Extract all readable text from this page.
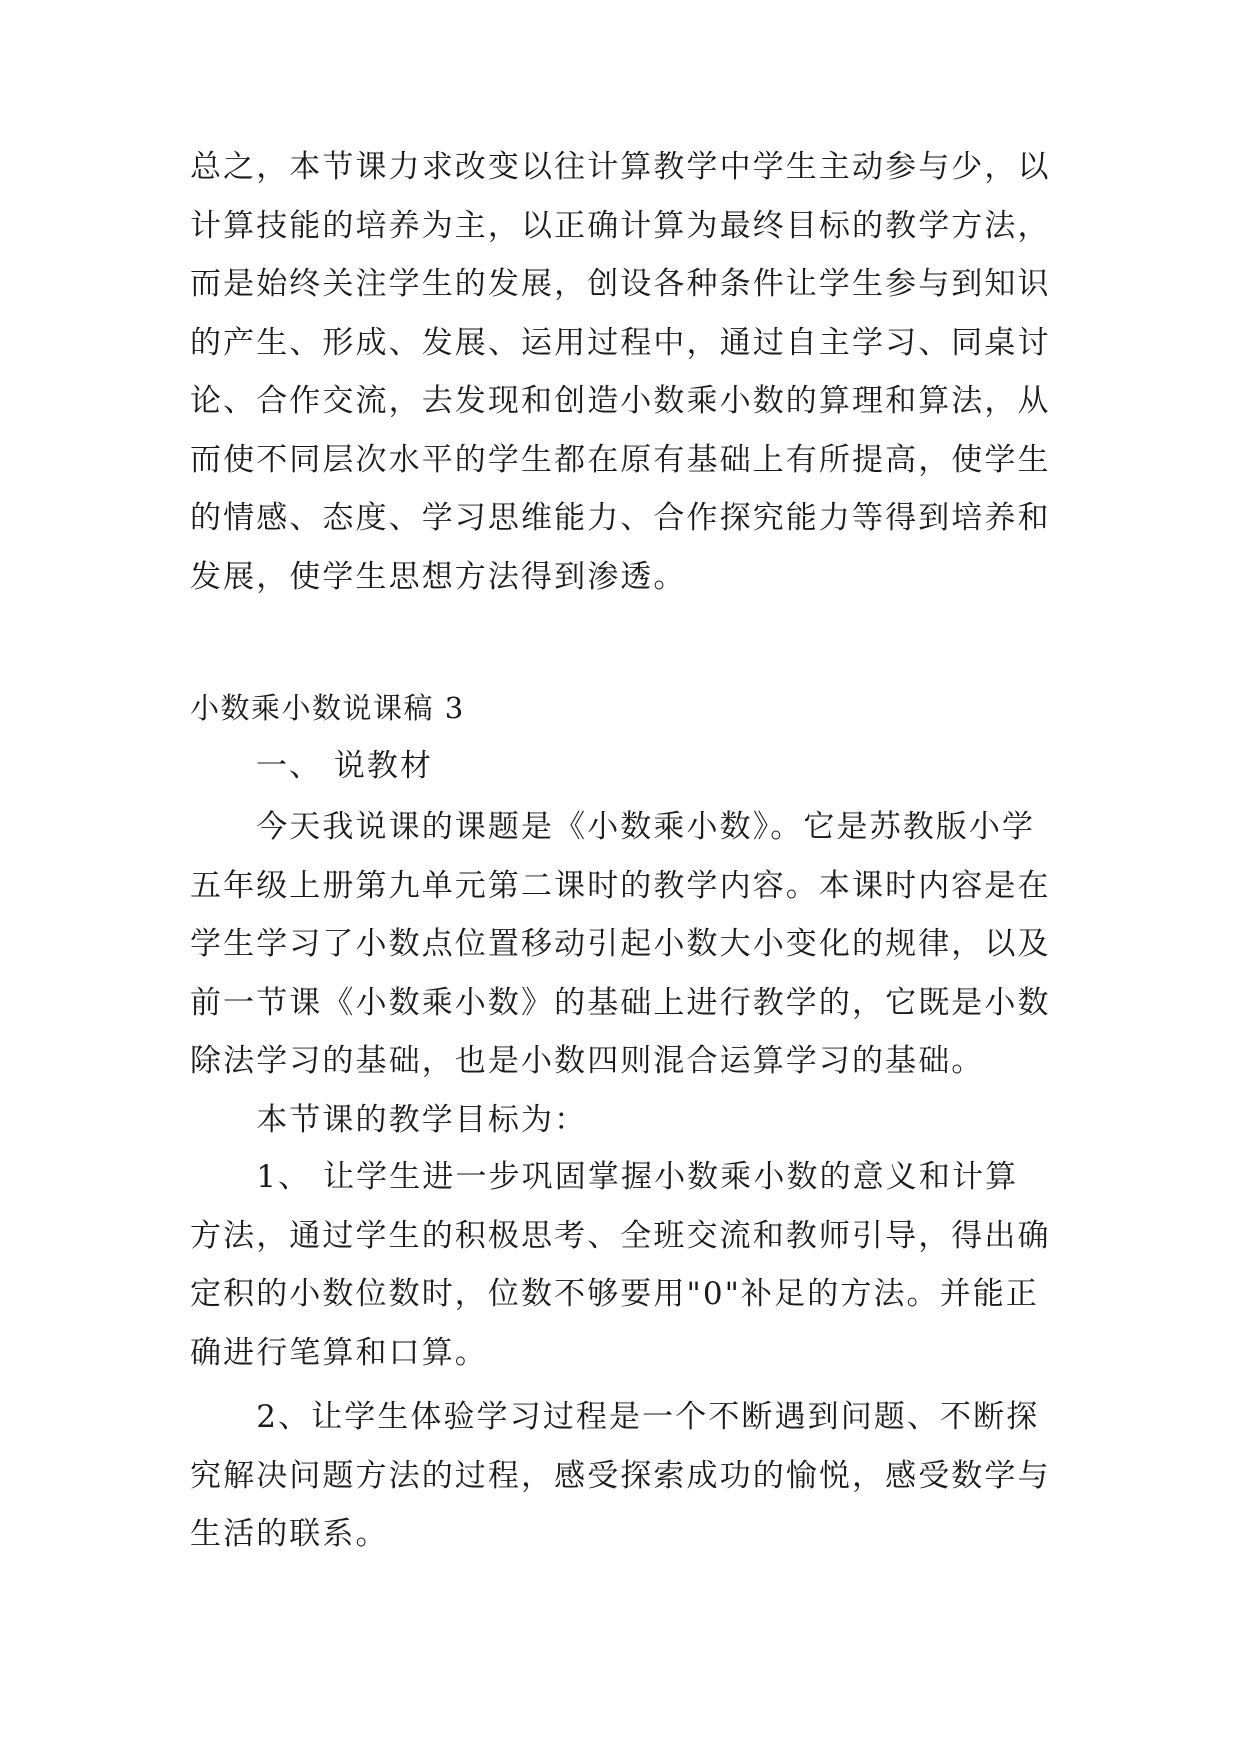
总之，本节课力求改变以往计算教学中学生主动参与少，以
计算技能的培养为主，以正确计算为最终目标的教学方法，
而是始终关注学生的发展，创设各种条件让学生参与到知识
的产生、形成、发展、运用过程中，通过自主学习、同桌讨
论、合作交流，去发现和创造小数乘小数的算理和算法，从
而使不同层次水平的学生都在原有基础上有所提高，使学生
的情感、态度、学习思维能力、合作探究能力等得到培养和
发展，使学生思想方法得到渗透。

小数乘小数说课稿 3

一、 说教材

　　今天我说课的课题是《小数乘小数》。它是苏教版小学
五年级上册第九单元第二课时的教学内容。本课时内容是在
学生学习了小数点位置移动引起小数大小变化的规律，以及
前一节课《小数乘小数》的基础上进行教学的，它既是小数
除法学习的基础，也是小数四则混合运算学习的基础。
　　本节课的教学目标为：

　　1、 让学生进一步巩固掌握小数乘小数的意义和计算
方法，通过学生的积极思考、全班交流和教师引导，得出确
定积的小数位数时，位数不够要用"0"补足的方法。并能正
确进行笔算和口算。

　　2、让学生体验学习过程是一个不断遇到问题、不断探
究解决问题方法的过程，感受探索成功的愉悦，感受数学与
生活的联系。
